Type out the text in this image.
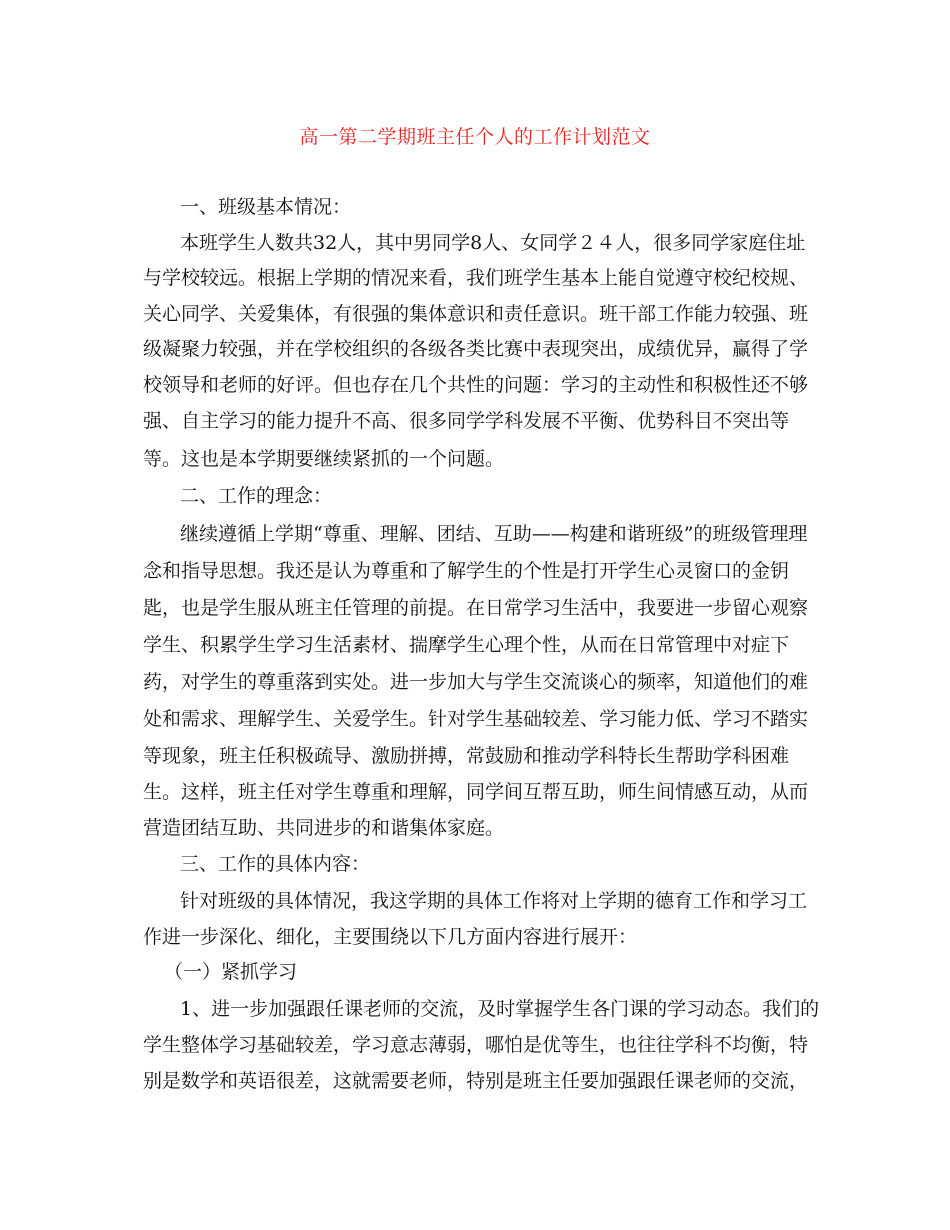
高一第二学期班主任个人的工作计划范文
一、班级基本情况：
本班学生人数共32人，其中男同学8人、女同学２４人，很多同学家庭住址
与学校较远。根据上学期的情况来看，我们班学生基本上能自觉遵守校纪校规、
关心同学、关爱集体，有很强的集体意识和责任意识。班干部工作能力较强、班
级凝聚力较强，并在学校组织的各级各类比赛中表现突出，成绩优异，赢得了学
校领导和老师的好评。但也存在几个共性的问题：学习的主动性和积极性还不够
强、自主学习的能力提升不高、很多同学学科发展不平衡、优势科目不突出等
等。这也是本学期要继续紧抓的一个问题。
二、工作的理念：
继续遵循上学期“尊重、理解、团结、互助——构建和谐班级”的班级管理理
念和指导思想。我还是认为尊重和了解学生的个性是打开学生心灵窗口的金钥
匙，也是学生服从班主任管理的前提。在日常学习生活中，我要进一步留心观察
学生、积累学生学习生活素材、揣摩学生心理个性，从而在日常管理中对症下
药，对学生的尊重落到实处。进一步加大与学生交流谈心的频率，知道他们的难
处和需求、理解学生、关爱学生。针对学生基础较差、学习能力低、学习不踏实
等现象，班主任积极疏导、激励拼搏，常鼓励和推动学科特长生帮助学科困难
生。这样，班主任对学生尊重和理解，同学间互帮互助，师生间情感互动，从而
营造团结互助、共同进步的和谐集体家庭。
三、工作的具体内容：
针对班级的具体情况，我这学期的具体工作将对上学期的德育工作和学习工
作进一步深化、细化，主要围绕以下几方面内容进行展开：
（一）紧抓学习
1、进一步加强跟任课老师的交流，及时掌握学生各门课的学习动态。我们的
学生整体学习基础较差，学习意志薄弱，哪怕是优等生，也往往学科不均衡，特
别是数学和英语很差，这就需要老师，特别是班主任要加强跟任课老师的交流，
